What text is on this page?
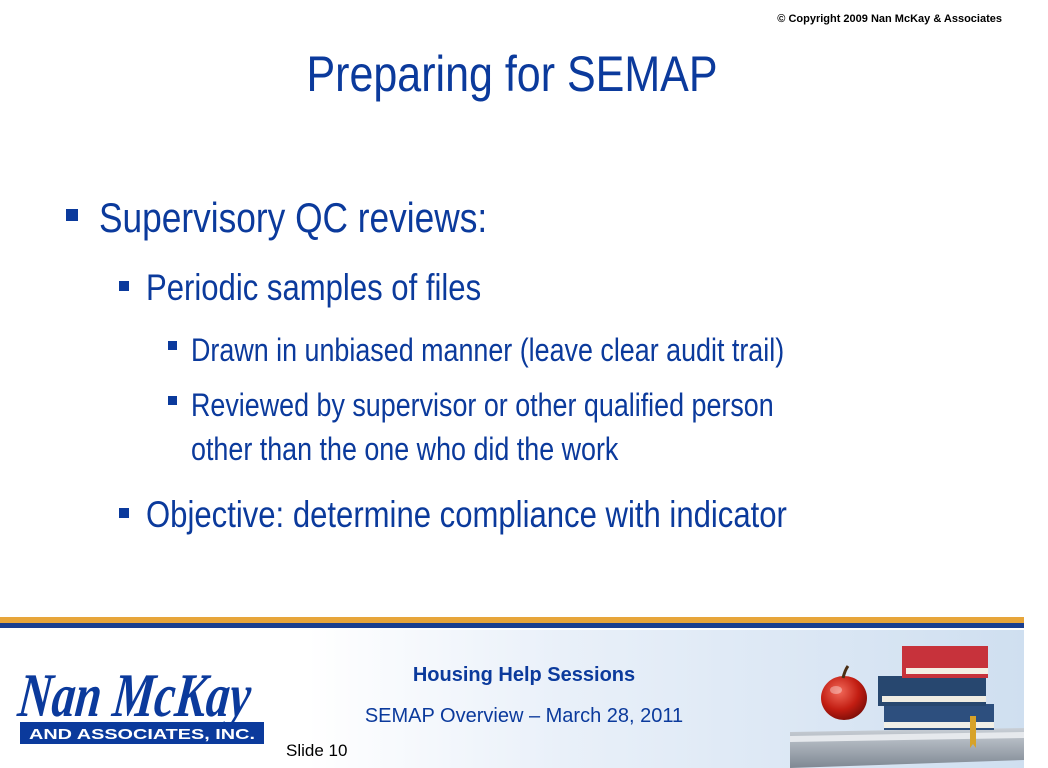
© Copyright 2009 Nan McKay & Associates
Preparing for SEMAP
Supervisory QC reviews:
Periodic samples of files
Drawn in unbiased manner (leave clear audit trail)
Reviewed by supervisor or other qualified person
other than the one who did the work
Objective: determine compliance with indicator
Nan McKay
AND ASSOCIATES, INC.
Housing Help Sessions
SEMAP Overview – March 28, 2011
Slide 10
